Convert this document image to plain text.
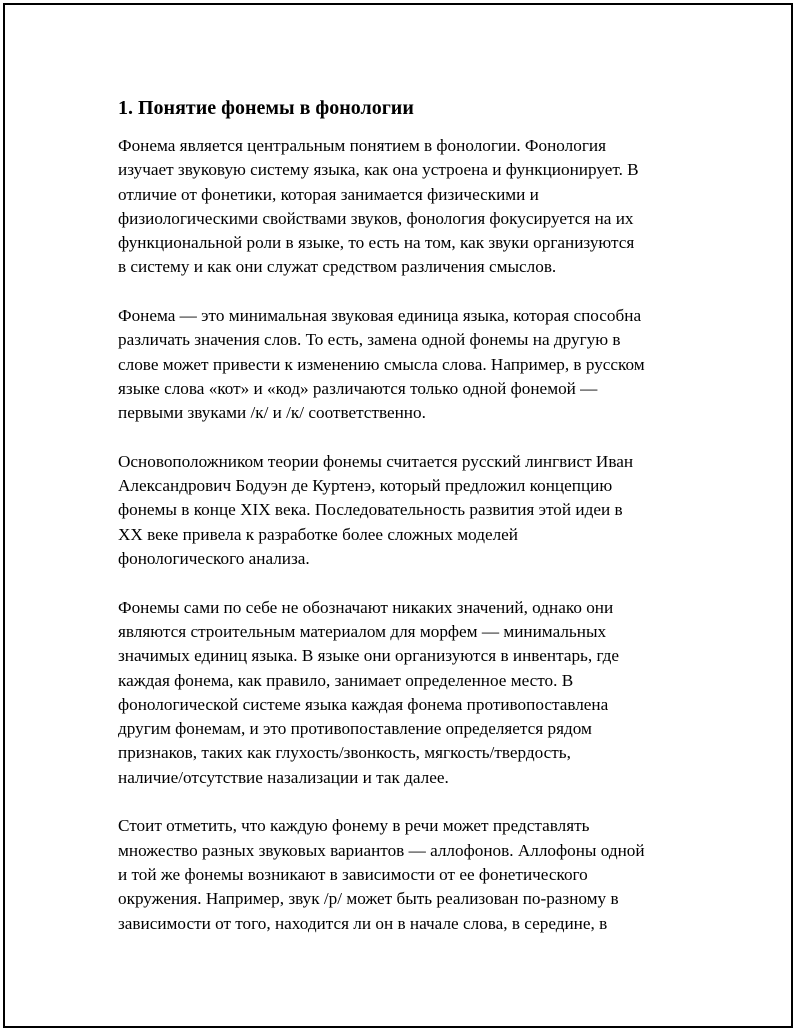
1. Понятие фонемы в фонологии
Фонема является центральным понятием в фонологии. Фонология
изучает звуковую систему языка, как она устроена и функционирует. В
отличие от фонетики, которая занимается физическими и
физиологическими свойствами звуков, фонология фокусируется на их
функциональной роли в языке, то есть на том, как звуки организуются
в систему и как они служат средством различения смыслов.
Фонема — это минимальная звуковая единица языка, которая способна
различать значения слов. То есть, замена одной фонемы на другую в
слове может привести к изменению смысла слова. Например, в русском
языке слова «кот» и «код» различаются только одной фонемой —
первыми звуками /к/ и /к/ соответственно.
Основоположником теории фонемы считается русский лингвист Иван
Александрович Бодуэн де Куртенэ, который предложил концепцию
фонемы в конце XIX века. Последовательность развития этой идеи в
XX веке привела к разработке более сложных моделей
фонологического анализа.
Фонемы сами по себе не обозначают никаких значений, однако они
являются строительным материалом для морфем — минимальных
значимых единиц языка. В языке они организуются в инвентарь, где
каждая фонема, как правило, занимает определенное место. В
фонологической системе языка каждая фонема противопоставлена
другим фонемам, и это противопоставление определяется рядом
признаков, таких как глухость/звонкость, мягкость/твердость,
наличие/отсутствие назализации и так далее.
Стоит отметить, что каждую фонему в речи может представлять
множество разных звуковых вариантов — аллофонов. Аллофоны одной
и той же фонемы возникают в зависимости от ее фонетического
окружения. Например, звук /р/ может быть реализован по-разному в
зависимости от того, находится ли он в начале слова, в середине, в
